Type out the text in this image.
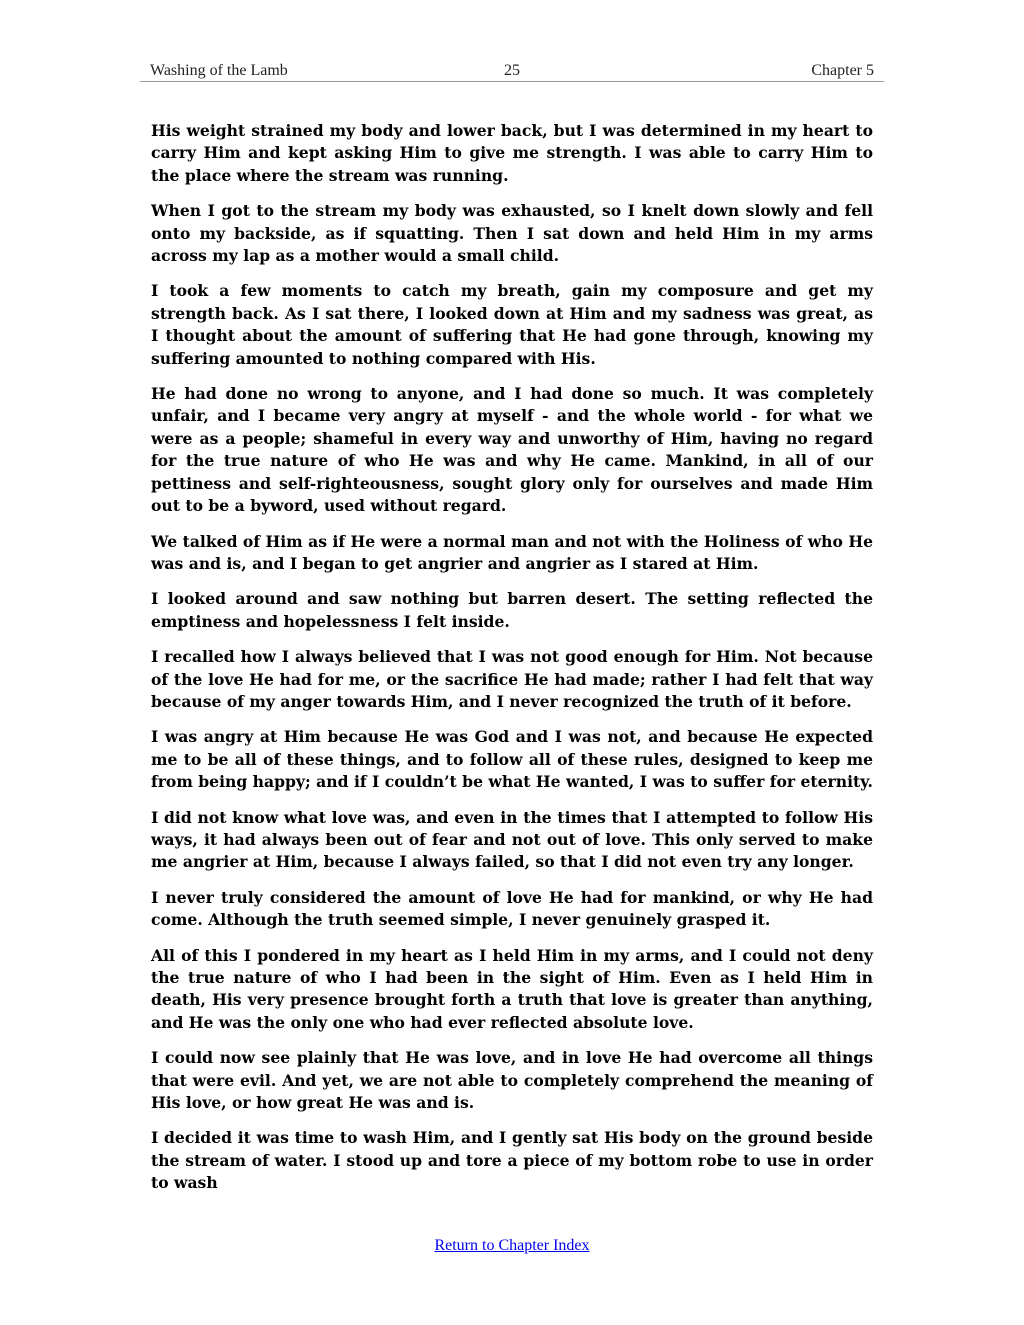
Washing of the Lamb	25	Chapter 5

His weight strained my body and lower back, but I was determined in my heart to carry Him and kept asking Him to give me strength. I was able to carry Him to the place where the stream was running.

When I got to the stream my body was exhausted, so I knelt down slowly and fell onto my backside, as if squatting. Then I sat down and held Him in my arms across my lap as a mother would a small child.

I took a few moments to catch my breath, gain my composure and get my strength back. As I sat there, I looked down at Him and my sadness was great, as I thought about the amount of suffering that He had gone through, knowing my suffering amounted to nothing compared with His.

He had done no wrong to anyone, and I had done so much. It was completely unfair, and I became very angry at myself - and the whole world - for what we were as a people; shameful in every way and unworthy of Him, having no regard for the true nature of who He was and why He came. Mankind, in all of our pettiness and self-righteousness, sought glory only for ourselves and made Him out to be a byword, used without regard.

We talked of Him as if He were a normal man and not with the Holiness of who He was and is, and I began to get angrier and angrier as I stared at Him.

I looked around and saw nothing but barren desert. The setting reflected the emptiness and hopelessness I felt inside.

I recalled how I always believed that I was not good enough for Him. Not because of the love He had for me, or the sacrifice He had made; rather I had felt that way because of my anger towards Him, and I never recognized the truth of it before.

I was angry at Him because He was God and I was not, and because He expected me to be all of these things, and to follow all of these rules, designed to keep me from being happy; and if I couldn’t be what He wanted, I was to suffer for eternity.

I did not know what love was, and even in the times that I attempted to follow His ways, it had always been out of fear and not out of love. This only served to make me angrier at Him, because I always failed, so that I did not even try any longer.

I never truly considered the amount of love He had for mankind, or why He had come. Although the truth seemed simple, I never genuinely grasped it.

All of this I pondered in my heart as I held Him in my arms, and I could not deny the true nature of who I had been in the sight of Him. Even as I held Him in death, His very presence brought forth a truth that love is greater than anything, and He was the only one who had ever reflected absolute love.

I could now see plainly that He was love, and in love He had overcome all things that were evil. And yet, we are not able to completely comprehend the meaning of His love, or how great He was and is.

I decided it was time to wash Him, and I gently sat His body on the ground beside the stream of water. I stood up and tore a piece of my bottom robe to use in order to wash

Return to Chapter Index
